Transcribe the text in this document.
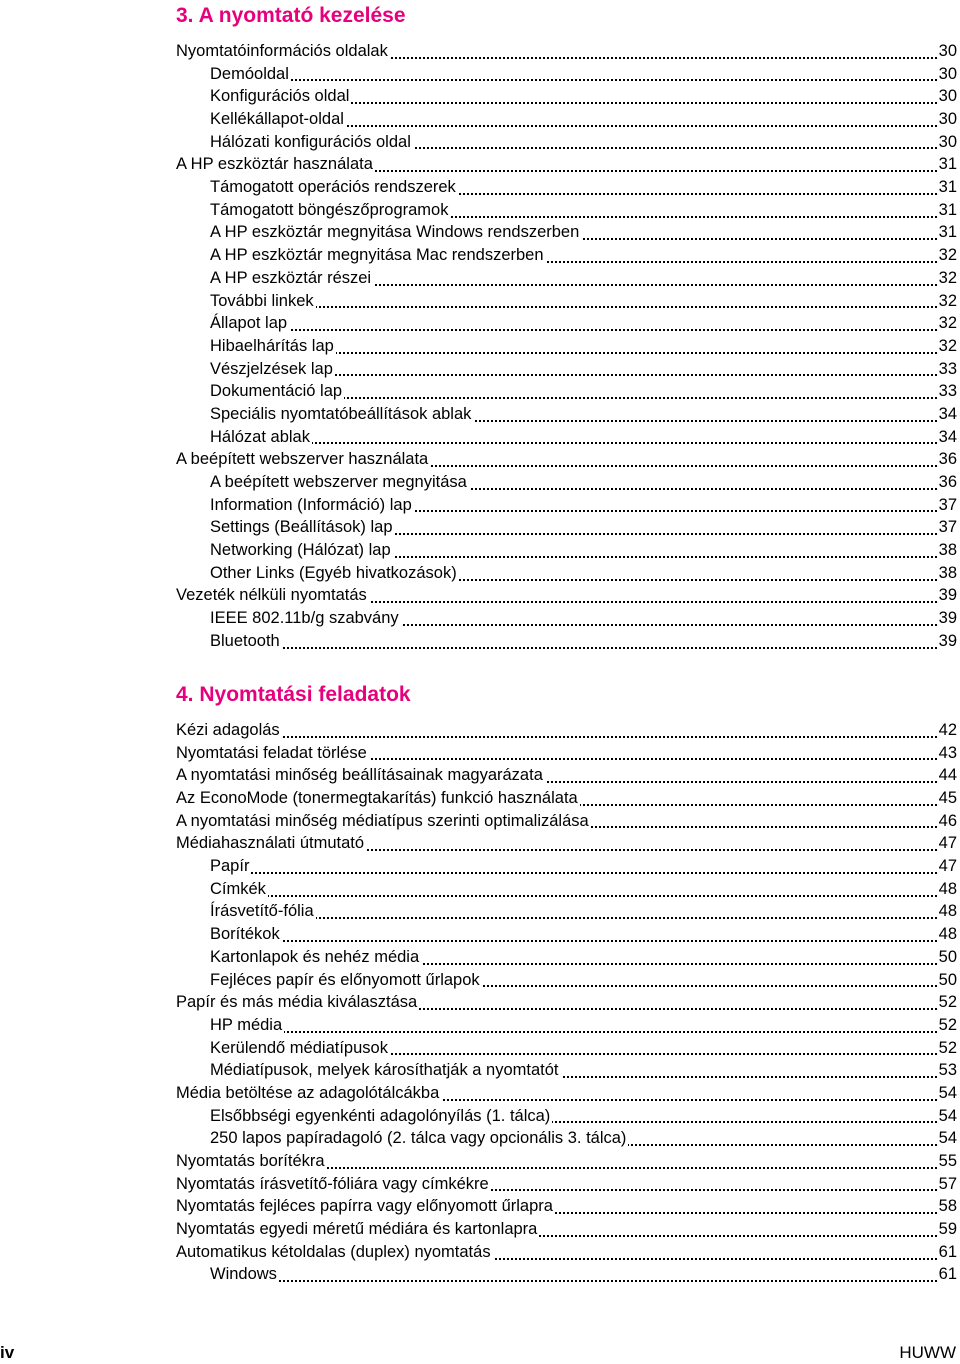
3. A nyomtató kezelése
Nyomtatóinformációs oldalak	30
Demóoldal	30
Konfigurációs oldal	30
Kellékállapot-oldal	30
Hálózati konfigurációs oldal	30
A HP eszköztár használata	31
Támogatott operációs rendszerek	31
Támogatott böngészőprogramok	31
A HP eszköztár megnyitása Windows rendszerben	31
A HP eszköztár megnyitása Mac rendszerben	32
A HP eszköztár részei	32
További linkek	32
Állapot lap	32
Hibaelhárítás lap	32
Vészjelzések lap	33
Dokumentáció lap	33
Speciális nyomtatóbeállítások ablak	34
Hálózat ablak	34
A beépített webszerver használata	36
A beépített webszerver megnyitása	36
Information (Információ) lap	37
Settings (Beállítások) lap	37
Networking (Hálózat) lap	38
Other Links (Egyéb hivatkozások)	38
Vezeték nélküli nyomtatás	39
IEEE 802.11b/g szabvány	39
Bluetooth	39
4. Nyomtatási feladatok
Kézi adagolás	42
Nyomtatási feladat törlése	43
A nyomtatási minőség beállításainak magyarázata	44
Az EconoMode (tonermegtakarítás) funkció használata	45
A nyomtatási minőség médiatípus szerinti optimalizálása	46
Médiahasználati útmutató	47
Papír	47
Címkék	48
Írásvetítő-fólia	48
Borítékok	48
Kartonlapok és nehéz média	50
Fejléces papír és előnyomott űrlapok	50
Papír és más média kiválasztása	52
HP média	52
Kerülendő médiatípusok	52
Médiatípusok, melyek károsíthatják a nyomtatót	53
Média betöltése az adagolótálcákba	54
Elsőbbségi egyenkénti adagolónyílás (1. tálca)	54
250 lapos papíradagoló (2. tálca vagy opcionális 3. tálca)	54
Nyomtatás borítékra	55
Nyomtatás írásvetítő-fóliára vagy címkékre	57
Nyomtatás fejléces papírra vagy előnyomott űrlapra	58
Nyomtatás egyedi méretű médiára és kartonlapra	59
Automatikus kétoldalas (duplex) nyomtatás	61
Windows	61
iv	HUWW
